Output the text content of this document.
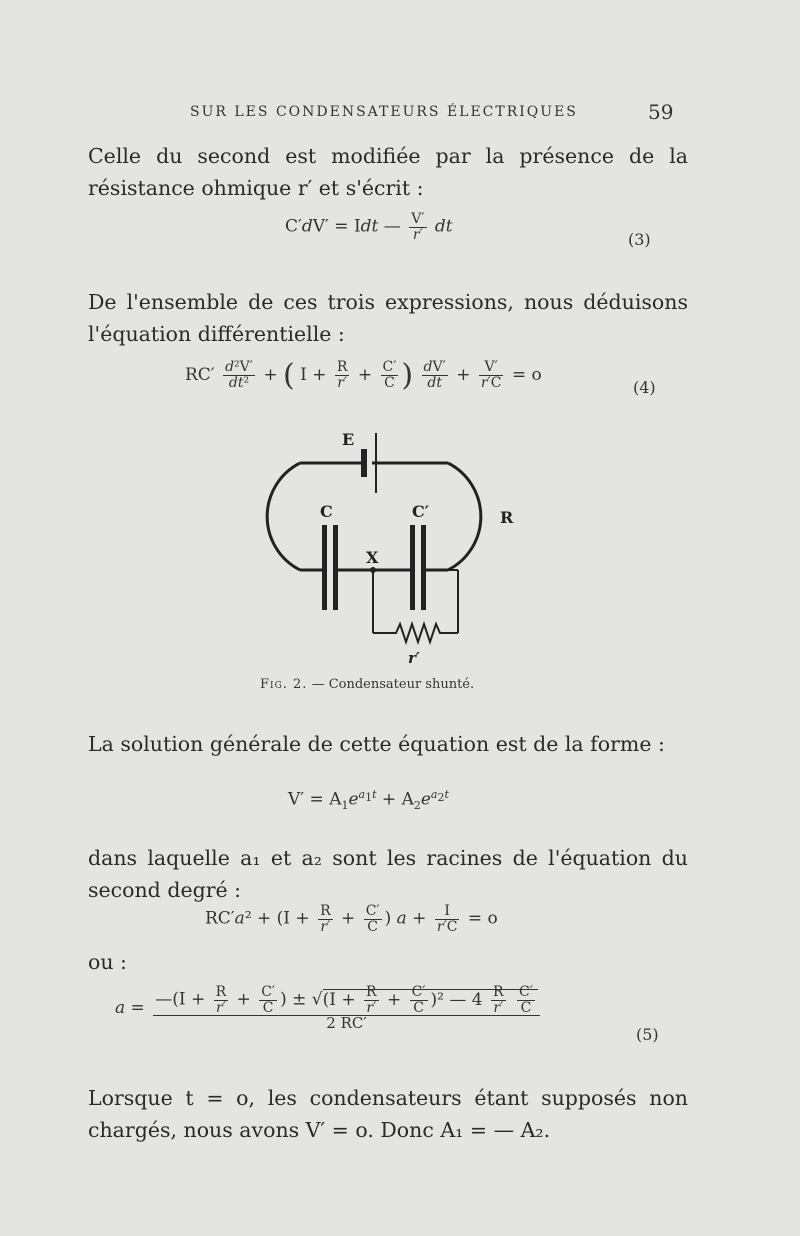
SUR LES CONDENSATEURS ÉLECTRIQUES	59
Celle du second est modifiée par la présence de la résistance ohmique r′ et s'écrit :
C′dV′ = Idt — $\frac{V'}{r'}$ dt
(3)
De l'ensemble de ces trois expressions, nous déduisons l'équation différentielle :
$RC' \frac{\text{d²V′}}{\text{dt²}}$ + ( $I + \frac{R}{r'} + \frac{C'}{C}$ ) $\frac{dV'}{dt} + \frac{V'}{r'C} = o$
(4)
E
C	C′	R
X
r′
Fig. 2. — Condensateur shunté.
La solution générale de cette équation est de la forme :
$V' = A_1e^{a_1t} + A_2e^{a_2t}$
dans laquelle a₁ et a₂ sont les racines de l'équation du second degré :
$RC'a^2 + (I + \frac{R}{r'} + \frac{C'}{C}$ ) $a + \frac{I}{r'C} = o$
ou :
a = —(I + $\frac{R}{r'} + \frac{C'}{C}$ ) ± $√(I + \frac{R}{r'} + \frac{C'}{C} )^2$ — $4 \frac{R}{r'}$
$\frac{C'}{C}$
2 RC′
(5)
Lorsque t = o, les condensateurs étant supposés non chargés, nous avons V′ = o. Donc A₁ = — A₂.
